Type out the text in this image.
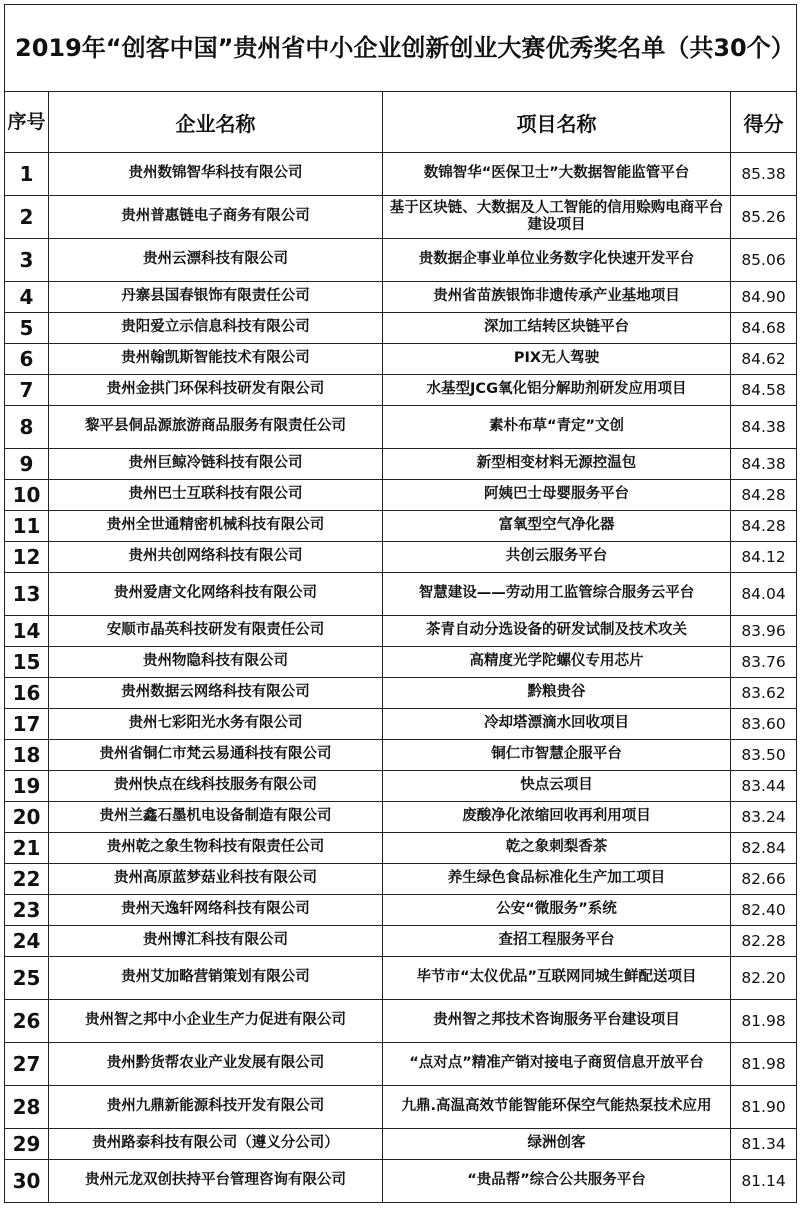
2019年“创客中国”贵州省中小企业创新创业大赛优秀奖名单（共30个）			
序号	企业名称	项目名称	得分
1	贵州数锦智华科技有限公司	数锦智华“医保卫士”大数据智能监管平台	85.38
2	贵州普惠链电子商务有限公司	基于区块链、大数据及人工智能的信用赊购电商平台建设项目	85.26
3	贵州云漂科技有限公司	贵数据企事业单位业务数字化快速开发平台	85.06
4	丹寨县国春银饰有限责任公司	贵州省苗族银饰非遗传承产业基地项目	84.90
5	贵阳爱立示信息科技有限公司	深加工结转区块链平台	84.68
6	贵州翰凯斯智能技术有限公司	PIX无人驾驶	84.62
7	贵州金拱门环保科技研发有限公司	水基型JCG氧化铝分解助剂研发应用项目	84.58
8	黎平县侗品源旅游商品服务有限责任公司	素朴布草“青定”文创	84.38
9	贵州巨鲸冷链科技有限公司	新型相变材料无源控温包	84.38
10	贵州巴士互联科技有限公司	阿姨巴士母婴服务平台	84.28
11	贵州全世通精密机械科技有限公司	富氧型空气净化器	84.28
12	贵州共创网络科技有限公司	共创云服务平台	84.12
13	贵州爱唐文化网络科技有限公司	智慧建设——劳动用工监管综合服务云平台	84.04
14	安顺市晶英科技研发有限责任公司	茶青自动分选设备的研发试制及技术攻关	83.96
15	贵州物隐科技有限公司	高精度光学陀螺仪专用芯片	83.76
16	贵州数据云网络科技有限公司	黔粮贵谷	83.62
17	贵州七彩阳光水务有限公司	冷却塔漂滴水回收项目	83.60
18	贵州省铜仁市梵云易通科技有限公司	铜仁市智慧企服平台	83.50
19	贵州快点在线科技服务有限公司	快点云项目	83.44
20	贵州兰鑫石墨机电设备制造有限公司	废酸净化浓缩回收再利用项目	83.24
21	贵州乾之象生物科技有限责任公司	乾之象刺梨香茶	82.84
22	贵州高原蓝梦菇业科技有限公司	养生绿色食品标准化生产加工项目	82.66
23	贵州天逸轩网络科技有限公司	公安“微服务”系统	82.40
24	贵州博汇科技有限公司	查招工程服务平台	82.28
25	贵州艾加略营销策划有限公司	毕节市“太仪优品”互联网同城生鲜配送项目	82.20
26	贵州智之邦中小企业生产力促进有限公司	贵州智之邦技术咨询服务平台建设项目	81.98
27	贵州黔货帮农业产业发展有限公司	“点对点”精准产销对接电子商贸信息开放平台	81.98
28	贵州九鼎新能源科技开发有限公司	九鼎.高温高效节能智能环保空气能热泵技术应用	81.90
29	贵州路泰科技有限公司（遵义分公司）	绿洲创客	81.34
30	贵州元龙双创扶持平台管理咨询有限公司	“贵品帮”综合公共服务平台	81.14
